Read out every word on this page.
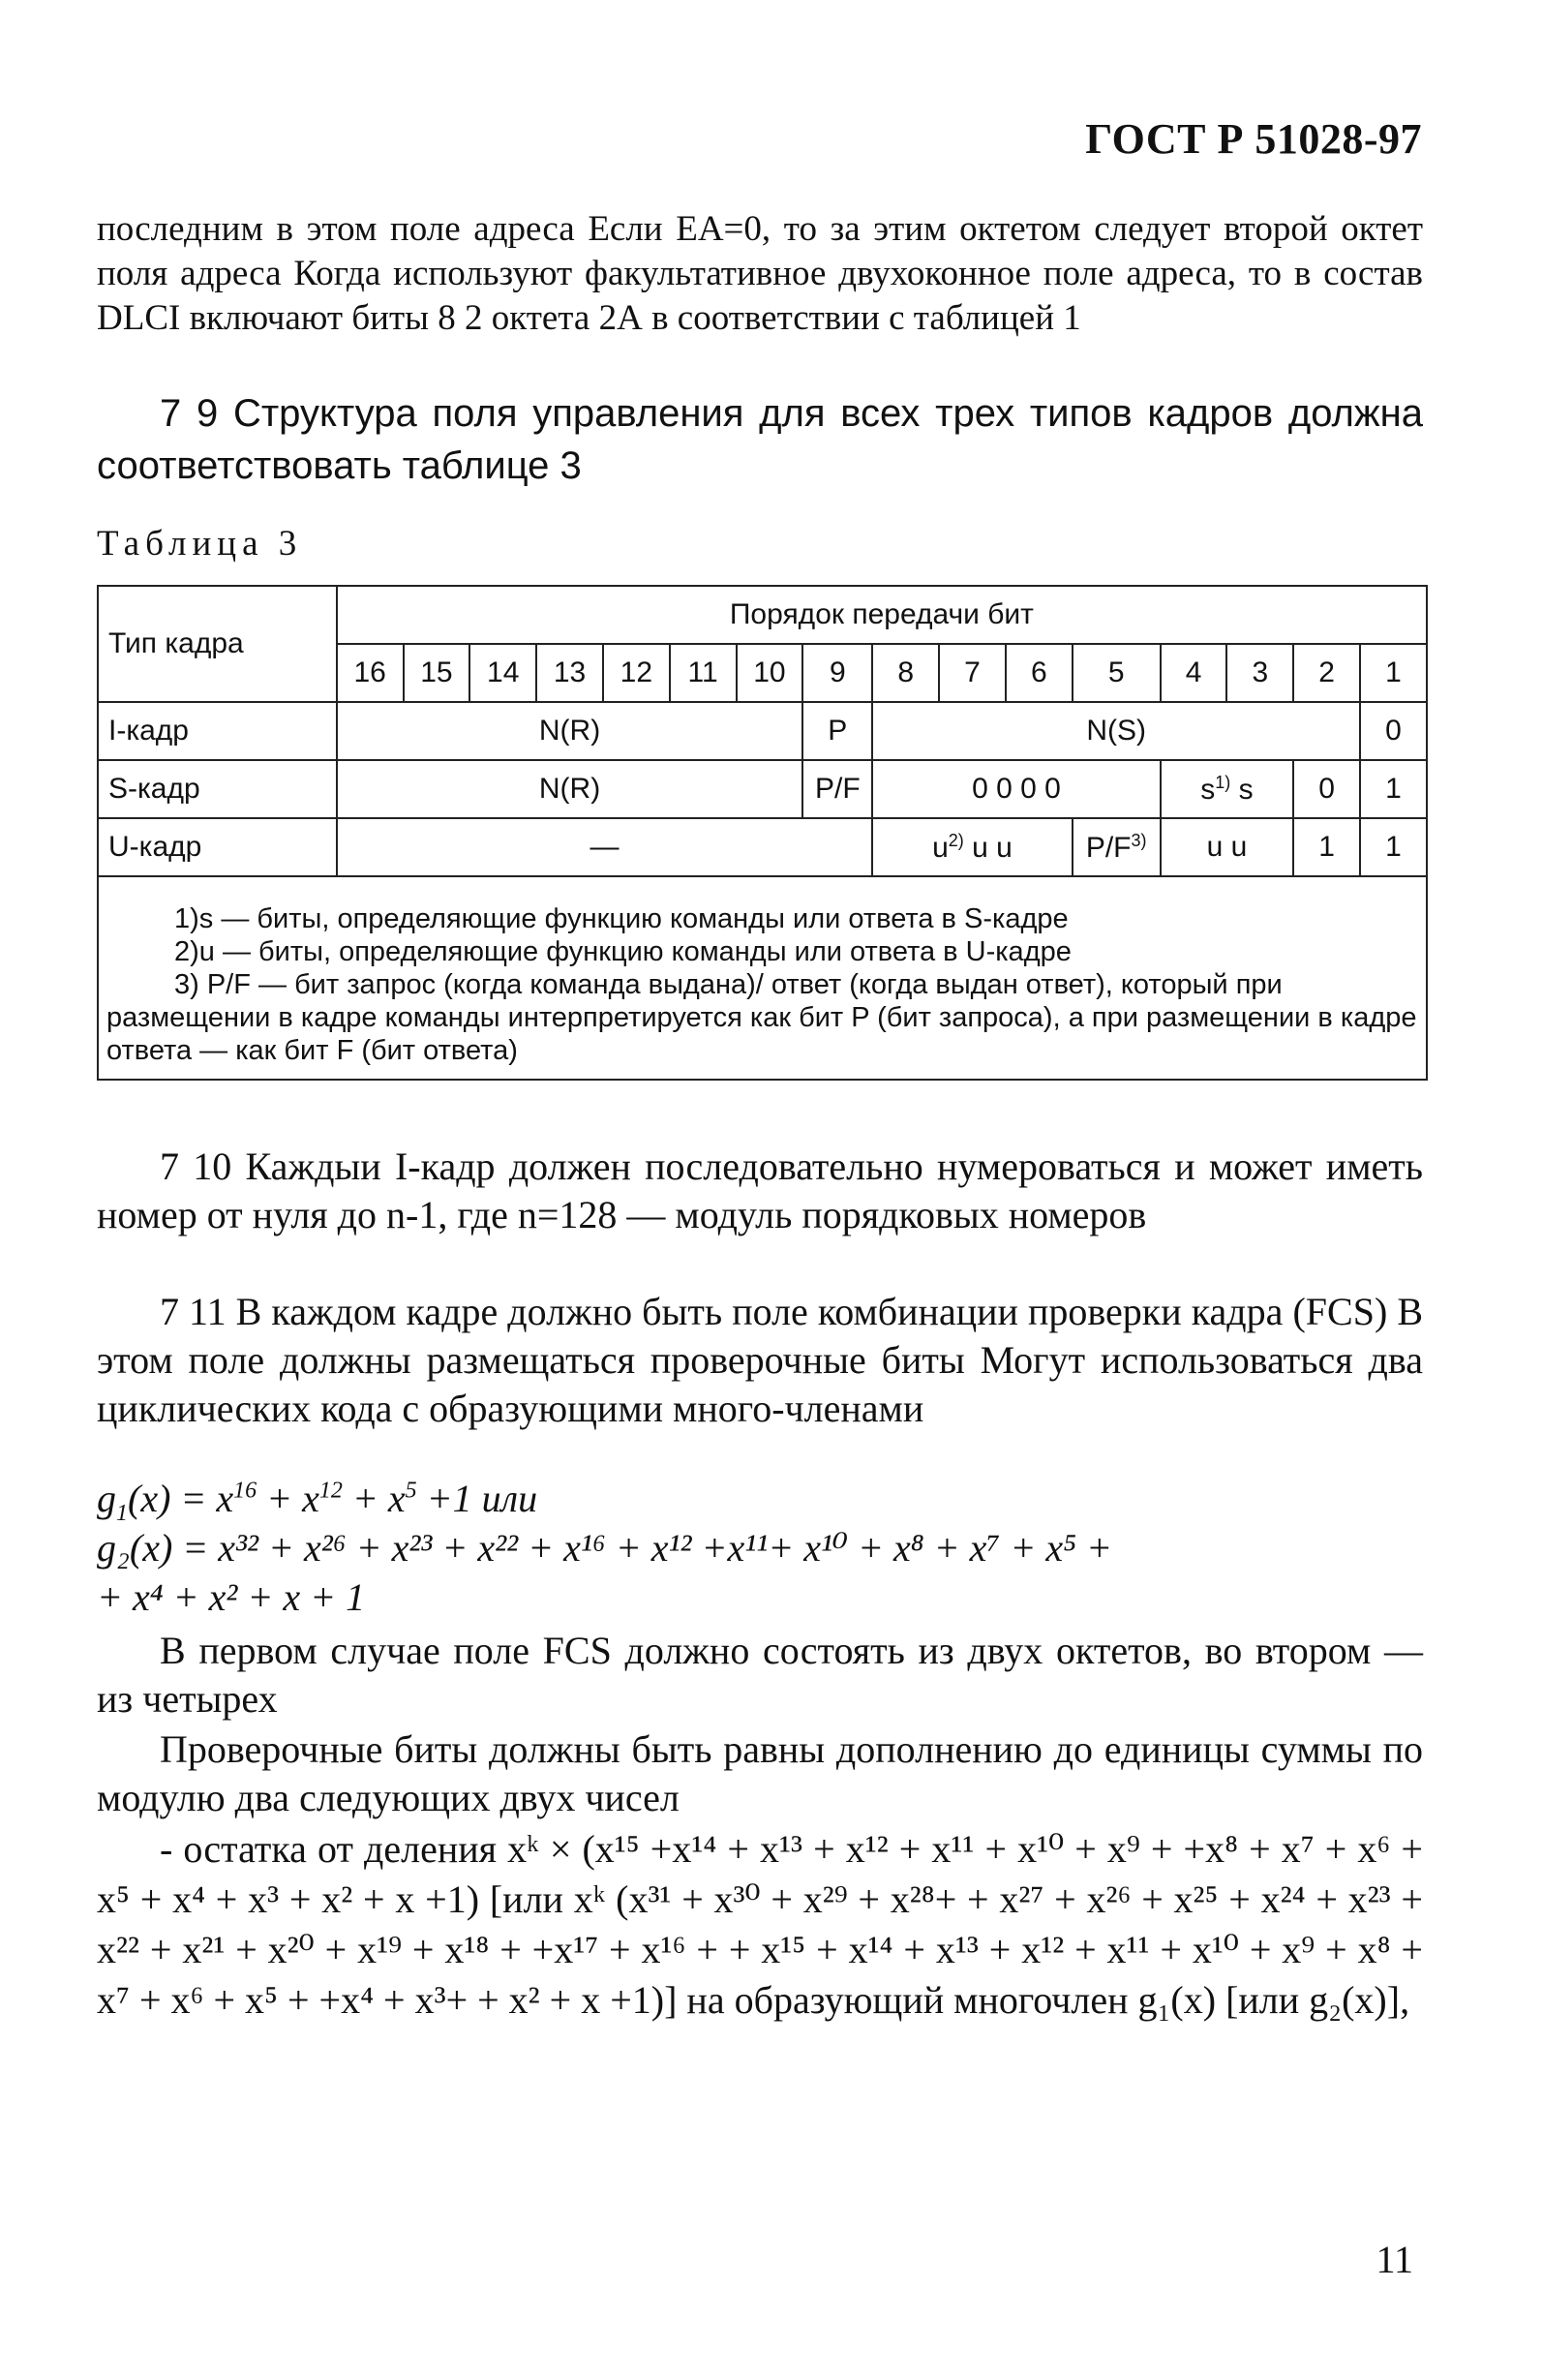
ГОСТ Р 51028-97
последним в этом поле адреса Если EA=0, то за этим октетом следует второй октет поля адреса Когда используют факультативное двухоконное поле адреса, то в состав DLCI включают биты 8 2 октета 2А в соответствии с таблицей 1
7 9 Структура поля управления для всех трех типов кадров должна соответствовать таблице 3
Таблица 3
Тип кадра	Порядок передачи бит															
	16	15	14	13	12	11	10	9	8	7	6	5	4	3	2	1
I-кадр	N(R)							P	N(S)							0
S-кадр	N(R)							P/F	0 0 0 0				$s^{1)}$ s		0	1
U-кадр	—								$u^{2)}$ u u			$P/F^{3)}$	u u		1	1

1)s — биты, определяющие функцию команды или ответа в S-кадре
2)u — биты, определяющие функцию команды или ответа в U-кадре
3) P/F — бит запрос (когда команда выдана)/ ответ (когда выдан ответ), который при размещении в кадре команды интерпретируется как бит P (бит запроса), а при размещении в кадре ответа — как бит F (бит ответа)																
7 10 Каждыи I-кадр должен последовательно нумероваться и может иметь номер от нуля до n-1, где n=128 — модуль порядковых номеров
7 11 В каждом кадре должно быть поле комбинации проверки кадра (FCS) В этом поле должны размещаться проверочные биты Могут использоваться два циклических кода с образующими много-членами
$g_1(x) = x^{16} + x^{12} + x^5 +1$ или
g₂(x) = x³² + x²⁶ + x²³ + x²² + x¹⁶ + x¹² +x¹¹+ x¹⁰ + x⁸ + x⁷ + x⁵ +
+ x⁴ + x² + x + 1
В первом случае поле FCS должно состоять из двух октетов, во втором — из четырех
Проверочные биты должны быть равны дополнению до единицы суммы по модулю два следующих двух чисел
- остатка от деления xᵏ × (x¹⁵ +x¹⁴ + x¹³ + x¹² + x¹¹ + x¹⁰ + x⁹ + +x⁸ + x⁷ + x⁶ + x⁵ + x⁴ + x³ + x² + x +1) [или xᵏ (x³¹ + x³⁰ + x²⁹ + x²⁸+ + x²⁷ + x²⁶ + x²⁵ + x²⁴ + x²³ + x²² + x²¹ + x²⁰ + x¹⁹ + x¹⁸ + +x¹⁷ + x¹⁶ + + x¹⁵ + x¹⁴ + x¹³ + x¹² + x¹¹ + x¹⁰ + x⁹ + x⁸ + x⁷ + x⁶ + x⁵ + +x⁴ + x³+ + x² + x +1)] на образующий многочлен g₁(x) [или g₂(x)],
11
